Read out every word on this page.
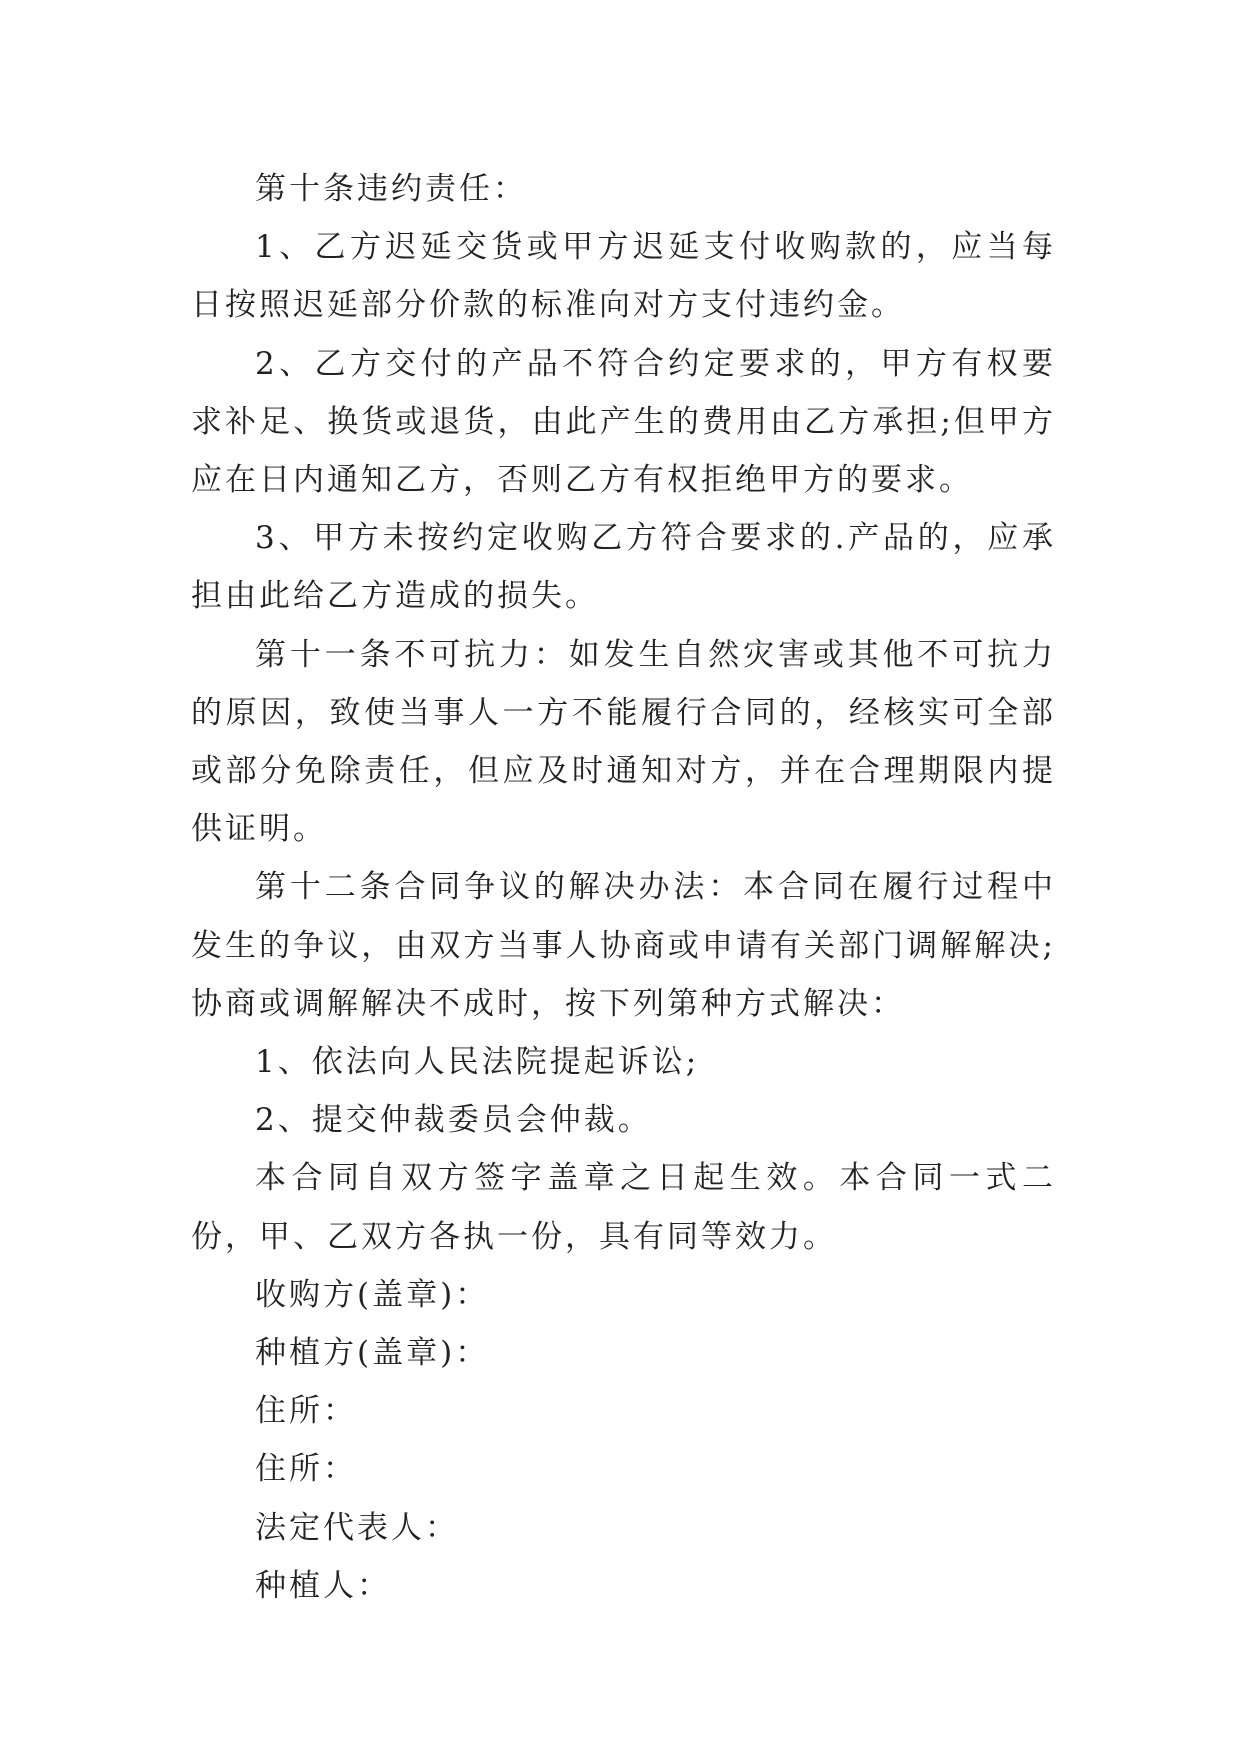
第十条违约责任：

1、乙方迟延交货或甲方迟延支付收购款的，应当每日按照迟延部分价款的标准向对方支付违约金。

2、乙方交付的产品不符合约定要求的，甲方有权要求补足、换货或退货，由此产生的费用由乙方承担;但甲方应在日内通知乙方，否则乙方有权拒绝甲方的要求。

3、甲方未按约定收购乙方符合要求的.产品的，应承担由此给乙方造成的损失。

第十一条不可抗力：如发生自然灾害或其他不可抗力的原因，致使当事人一方不能履行合同的，经核实可全部或部分免除责任，但应及时通知对方，并在合理期限内提供证明。

第十二条合同争议的解决办法：本合同在履行过程中发生的争议，由双方当事人协商或申请有关部门调解解决;协商或调解解决不成时，按下列第种方式解决：

1、依法向人民法院提起诉讼;

2、提交仲裁委员会仲裁。

本合同自双方签字盖章之日起生效。本合同一式二份，甲、乙双方各执一份，具有同等效力。

收购方(盖章)：

种植方(盖章)：

住所：

住所：

法定代表人：

种植人：
